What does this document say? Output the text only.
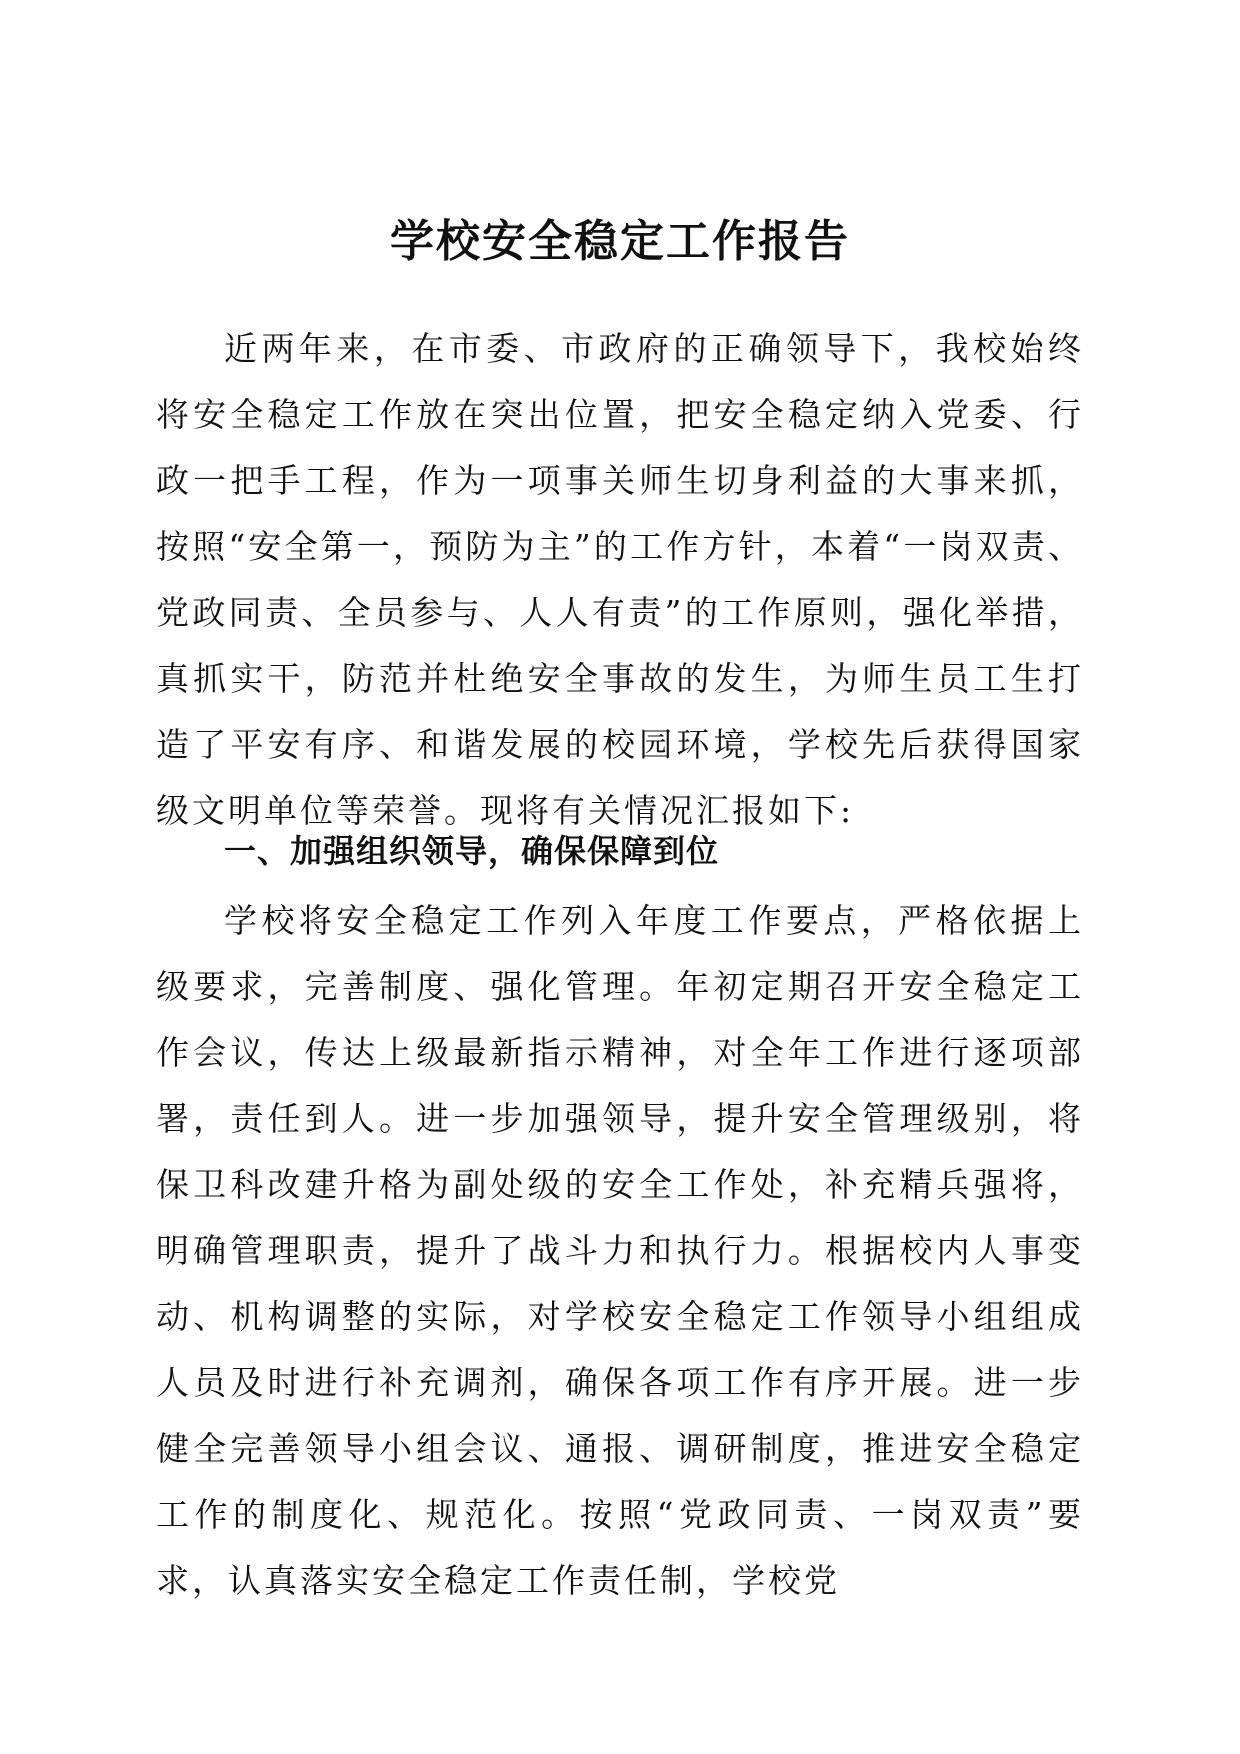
学校安全稳定工作报告

近两年来，在市委、市政府的正确领导下，我校始终将安全稳定工作放在突出位置，把安全稳定纳入党委、行政一把手工程，作为一项事关师生切身利益的大事来抓，按照“安全第一，预防为主”的工作方针，本着“一岗双责、党政同责、全员参与、人人有责”的工作原则，强化举措，真抓实干，防范并杜绝安全事故的发生，为师生员工生打造了平安有序、和谐发展的校园环境，学校先后获得国家级文明单位等荣誉。现将有关情况汇报如下:

一、加强组织领导，确保保障到位

学校将安全稳定工作列入年度工作要点，严格依据上级要求，完善制度、强化管理。年初定期召开安全稳定工作会议，传达上级最新指示精神，对全年工作进行逐项部署，责任到人。进一步加强领导，提升安全管理级别，将保卫科改建升格为副处级的安全工作处，补充精兵强将，明确管理职责，提升了战斗力和执行力。根据校内人事变动、机构调整的实际，对学校安全稳定工作领导小组组成人员及时进行补充调剂，确保各项工作有序开展。进一步健全完善领导小组会议、通报、调研制度，推进安全稳定工作的制度化、规范化。按照“党政同责、一岗双责”要求，认真落实安全稳定工作责任制，学校党
